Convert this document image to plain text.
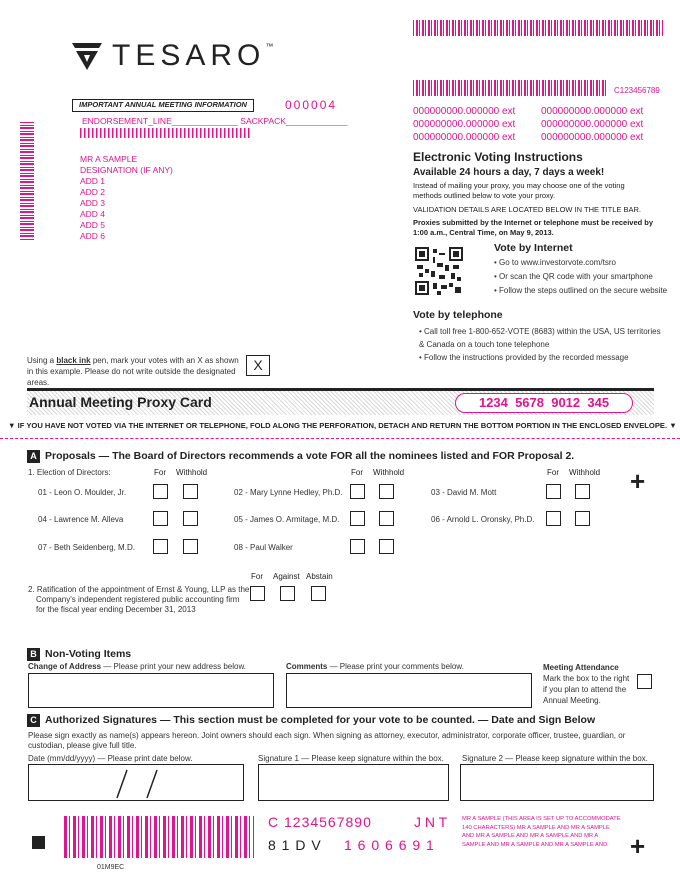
TESARO ™
C123456789
000000000.000000 ext	000000000.000000 ext
000000000.000000 ext	000000000.000000 ext
000000000.000000 ext	000000000.000000 ext
IMPORTANT ANNUAL MEETING INFORMATION	000004
ENDORSEMENT_LINE______________ SACKPACK_____________
MR A SAMPLE
DESIGNATION (IF ANY)
ADD 1
ADD 2
ADD 3
ADD 4
ADD 5
ADD 6
Electronic Voting Instructions
Available 24 hours a day, 7 days a week!
Instead of mailing your proxy, you may choose one of the voting methods outlined below to vote your proxy.
VALIDATION DETAILS ARE LOCATED BELOW IN THE TITLE BAR.
Proxies submitted by the Internet or telephone must be received by 1:00 a.m., Central Time, on May 9, 2013.
Vote by Internet
• Go to www.investorvote.com/tsro
• Or scan the QR code with your smartphone
• Follow the steps outlined on the secure website
Vote by telephone
• Call toll free 1-800-652-VOTE (8683) within the USA, US territories & Canada on a touch tone telephone
• Follow the instructions provided by the recorded message
Using a black ink pen, mark your votes with an X as shown in this example. Please do not write outside the designated areas.
X
Annual Meeting Proxy Card	1234  5678  9012  345
▼ IF YOU HAVE NOT VOTED VIA THE INTERNET OR TELEPHONE, FOLD ALONG THE PERFORATION, DETACH AND RETURN THE BOTTOM PORTION IN THE ENCLOSED ENVELOPE. ▼
A Proposals — The Board of Directors recommends a vote FOR all the nominees listed and FOR Proposal 2.
1. Election of Directors:	For Withhold	For Withhold	For Withhold +
01 - Leon O. Moulder, Jr.	02 - Mary Lynne Hedley, Ph.D.	03 - David M. Mott
04 - Lawrence M. Alleva	05 - James O. Armitage, M.D.	06 - Arnold L. Oronsky, Ph.D.
07 - Beth Seidenberg, M.D.	08 - Paul Walker
For Against Abstain
2. Ratification of the appointment of Ernst & Young, LLP as the
Company's independent registered public accounting firm
for the fiscal year ending December 31, 2013
B Non-Voting Items
Change of Address — Please print your new address below.	Comments — Please print your comments below.	Meeting Attendance
Mark the box to the right if you plan to attend the Annual Meeting.
C Authorized Signatures — This section must be completed for your vote to be counted. — Date and Sign Below
Please sign exactly as name(s) appears hereon. Joint owners should each sign. When signing as attorney, executor, administrator, corporate officer, trustee, guardian, or custodian, please give full title.
Date (mm/dd/yyyy) — Please print date below.	Signature 1 — Please keep signature within the box. Signature 2 — Please keep signature within the box.
C 1234567890	J N T
8 1 D V 1 6 0 6 6 9 1
MR A SAMPLE (THIS AREA IS SET UP TO ACCOMMODATE 140 CHARACTERS) MR A SAMPLE AND MR A SAMPLE AND MR A SAMPLE AND MR A SAMPLE AND MR A SAMPLE AND MR A SAMPLE AND MR A SAMPLE AND +
01M9EC
